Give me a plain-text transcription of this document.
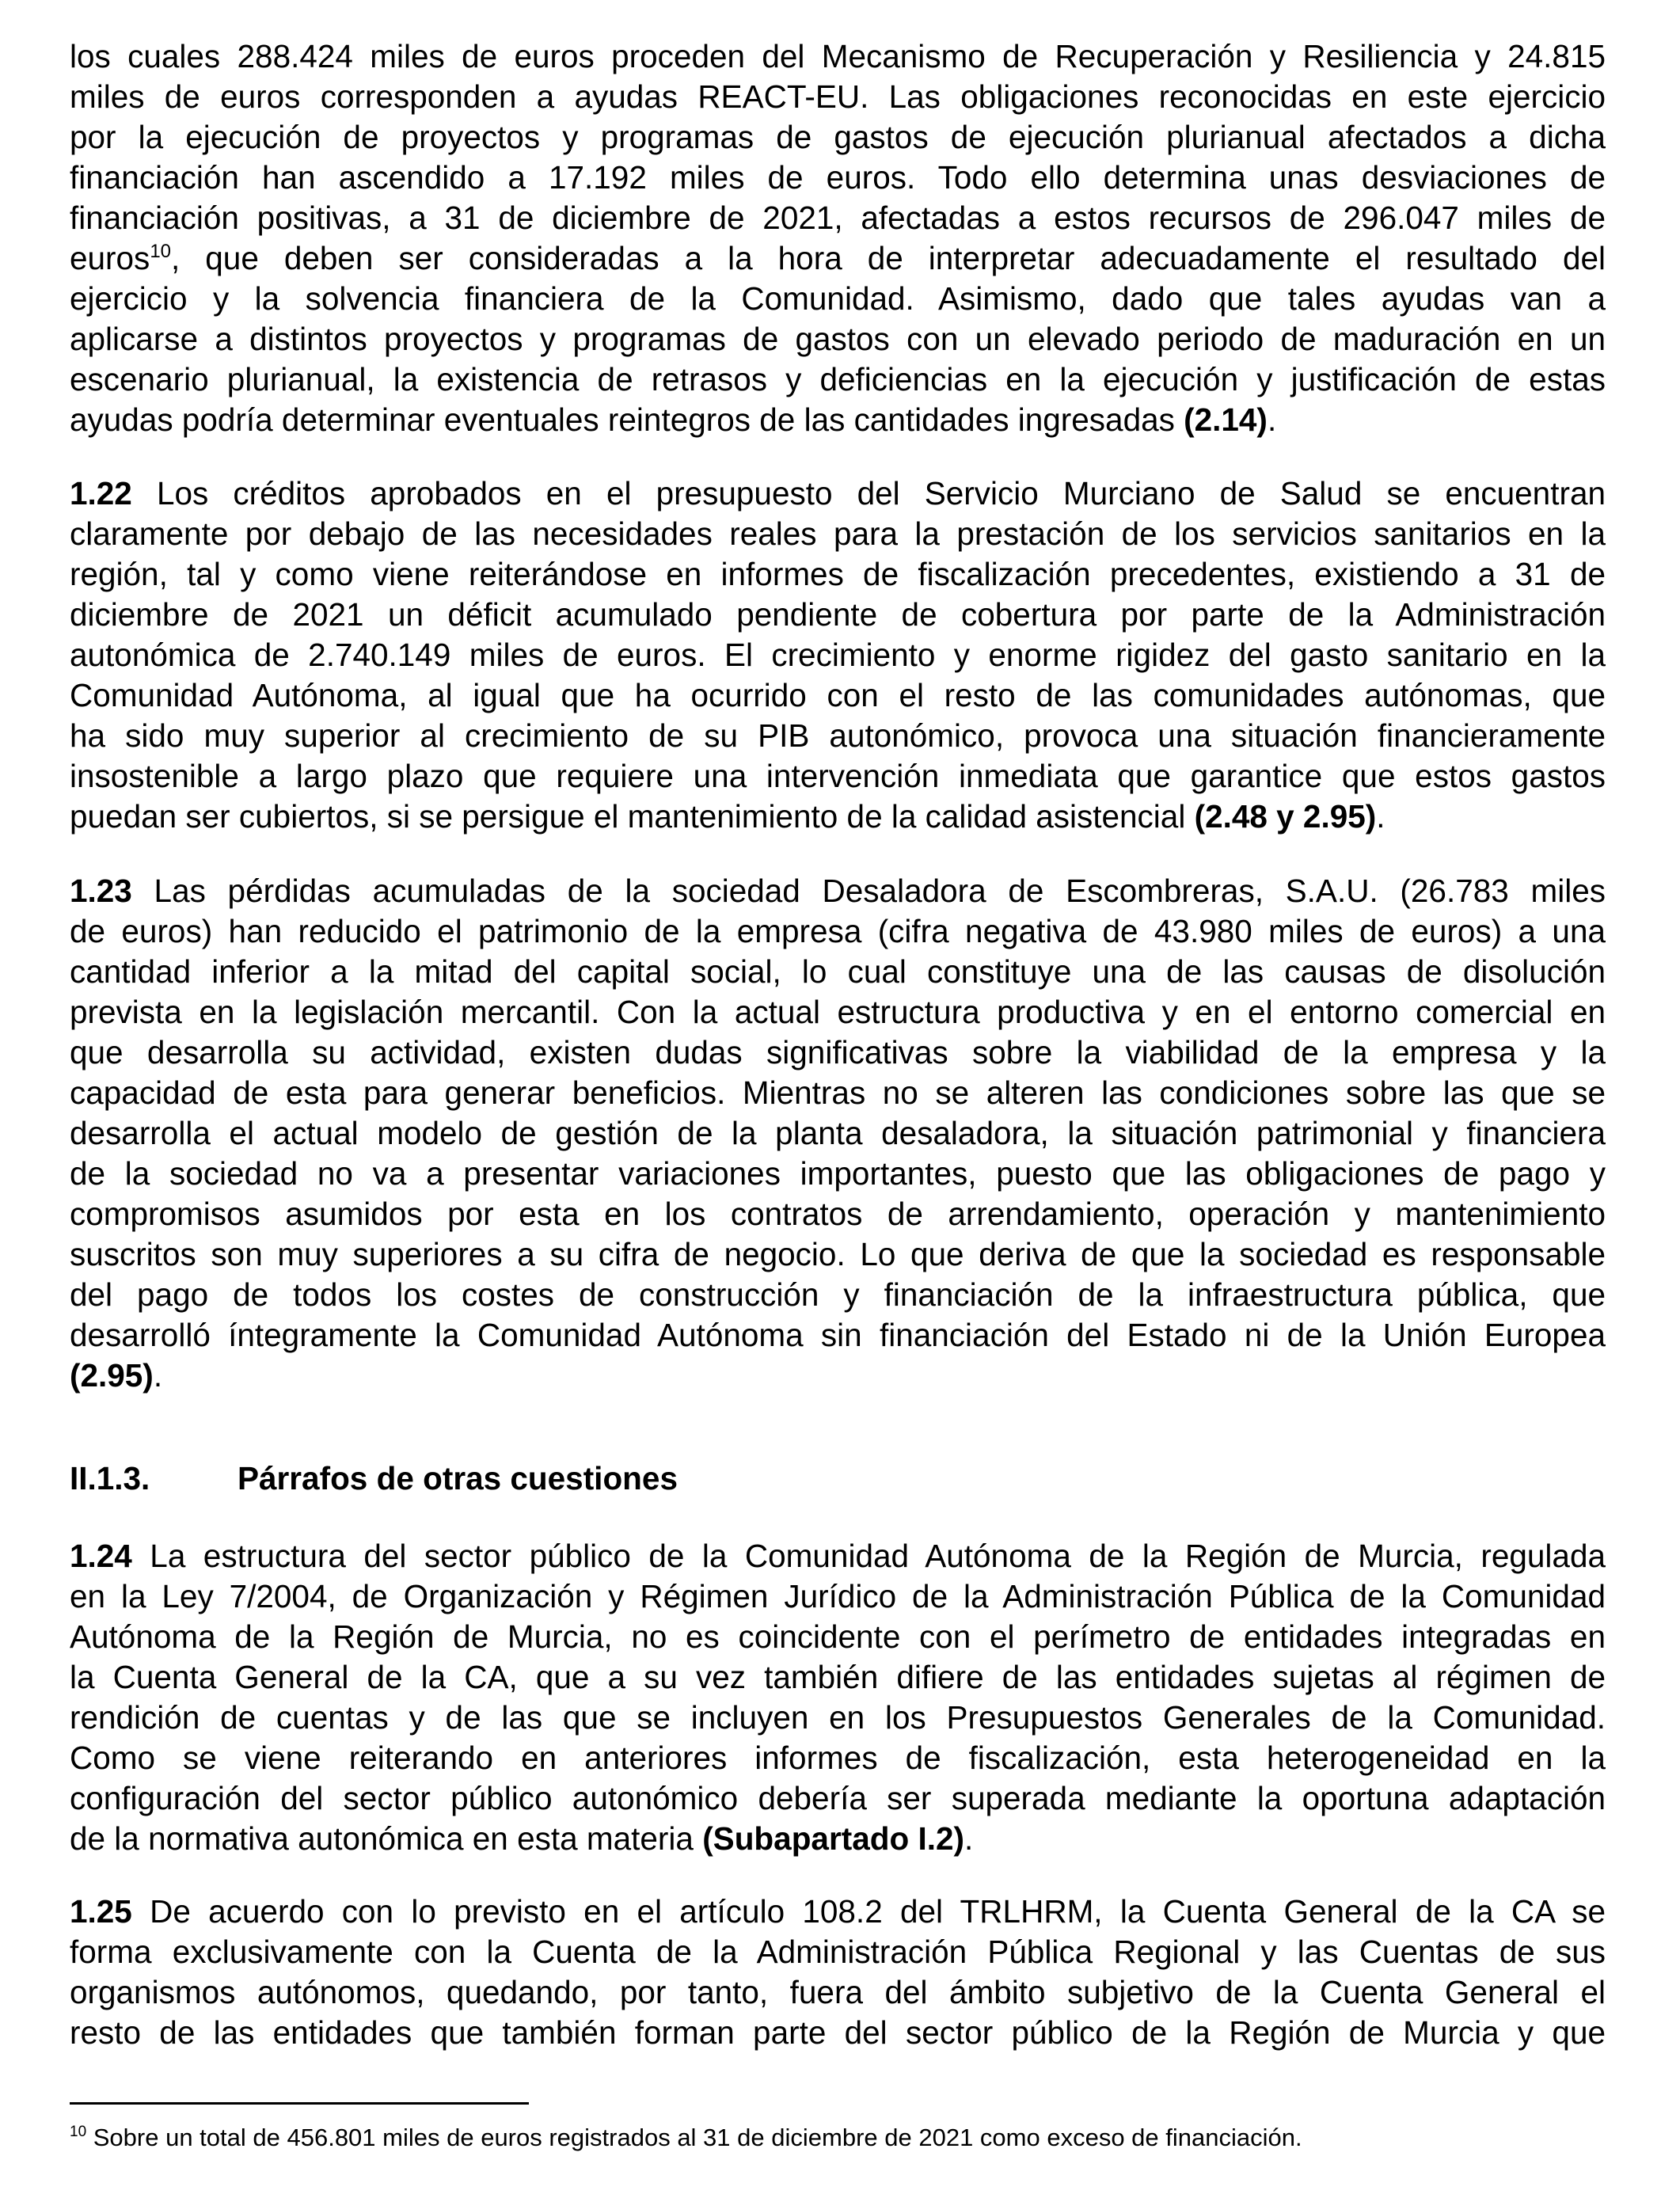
los cuales 288.424 miles de euros proceden del Mecanismo de Recuperación y Resiliencia y 24.815
miles de euros corresponden a ayudas REACT-EU. Las obligaciones reconocidas en este ejercicio
por la ejecución de proyectos y programas de gastos de ejecución plurianual afectados a dicha
financiación han ascendido a 17.192 miles de euros. Todo ello determina unas desviaciones de
financiación positivas, a 31 de diciembre de 2021, afectadas a estos recursos de 296.047 miles de
euros$^{10}$, que deben ser consideradas a la hora de interpretar adecuadamente el resultado del
ejercicio y la solvencia financiera de la Comunidad. Asimismo, dado que tales ayudas van a
aplicarse a distintos proyectos y programas de gastos con un elevado periodo de maduración en un
escenario plurianual, la existencia de retrasos y deficiencias en la ejecución y justificación de estas
ayudas podría determinar eventuales reintegros de las cantidades ingresadas (2.14).
1.22 Los créditos aprobados en el presupuesto del Servicio Murciano de Salud se encuentran
claramente por debajo de las necesidades reales para la prestación de los servicios sanitarios en la
región, tal y como viene reiterándose en informes de fiscalización precedentes, existiendo a 31 de
diciembre de 2021 un déficit acumulado pendiente de cobertura por parte de la Administración
autonómica de 2.740.149 miles de euros. El crecimiento y enorme rigidez del gasto sanitario en la
Comunidad Autónoma, al igual que ha ocurrido con el resto de las comunidades autónomas, que
ha sido muy superior al crecimiento de su PIB autonómico, provoca una situación financieramente
insostenible a largo plazo que requiere una intervención inmediata que garantice que estos gastos
puedan ser cubiertos, si se persigue el mantenimiento de la calidad asistencial (2.48 y 2.95).
1.23 Las pérdidas acumuladas de la sociedad Desaladora de Escombreras, S.A.U. (26.783 miles
de euros) han reducido el patrimonio de la empresa (cifra negativa de 43.980 miles de euros) a una
cantidad inferior a la mitad del capital social, lo cual constituye una de las causas de disolución
prevista en la legislación mercantil. Con la actual estructura productiva y en el entorno comercial en
que desarrolla su actividad, existen dudas significativas sobre la viabilidad de la empresa y la
capacidad de esta para generar beneficios. Mientras no se alteren las condiciones sobre las que se
desarrolla el actual modelo de gestión de la planta desaladora, la situación patrimonial y financiera
de la sociedad no va a presentar variaciones importantes, puesto que las obligaciones de pago y
compromisos asumidos por esta en los contratos de arrendamiento, operación y mantenimiento
suscritos son muy superiores a su cifra de negocio. Lo que deriva de que la sociedad es responsable
del pago de todos los costes de construcción y financiación de la infraestructura pública, que
desarrolló íntegramente la Comunidad Autónoma sin financiación del Estado ni de la Unión Europea
(2.95).
II.1.3.	Párrafos de otras cuestiones
1.24 La estructura del sector público de la Comunidad Autónoma de la Región de Murcia, regulada
en la Ley 7/2004, de Organización y Régimen Jurídico de la Administración Pública de la Comunidad
Autónoma de la Región de Murcia, no es coincidente con el perímetro de entidades integradas en
la Cuenta General de la CA, que a su vez también difiere de las entidades sujetas al régimen de
rendición de cuentas y de las que se incluyen en los Presupuestos Generales de la Comunidad.
Como se viene reiterando en anteriores informes de fiscalización, esta heterogeneidad en la
configuración del sector público autonómico debería ser superada mediante la oportuna adaptación
de la normativa autonómica en esta materia (Subapartado I.2).
1.25 De acuerdo con lo previsto en el artículo 108.2 del TRLHRM, la Cuenta General de la CA se
forma exclusivamente con la Cuenta de la Administración Pública Regional y las Cuentas de sus
organismos autónomos, quedando, por tanto, fuera del ámbito subjetivo de la Cuenta General el
resto de las entidades que también forman parte del sector público de la Región de Murcia y que
$^{10}$ Sobre un total de 456.801 miles de euros registrados al 31 de diciembre de 2021 como exceso de financiación.
